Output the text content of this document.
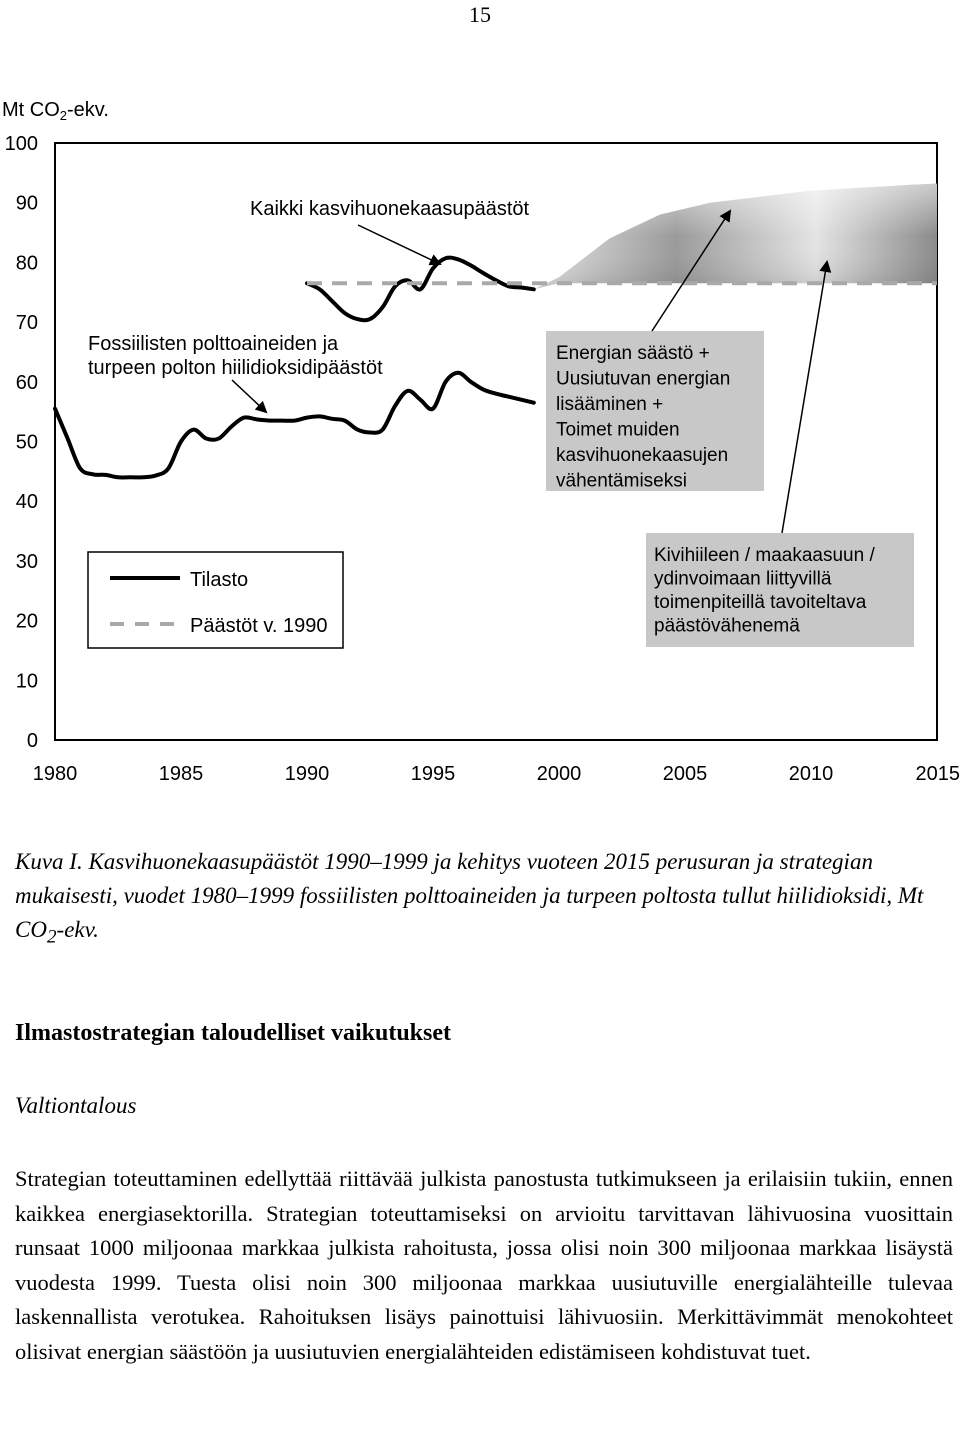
15
Mt $CO_2$-ekv.
0
10
20
30
40
50
60
70
80
90
100
1980	1985	1990	1995	2000	2005	2010	2015
Kaikki kasvihuonekaasupäästöt
Fossiilisten polttoaineiden ja
turpeen polton hiilidioksidipäästöt
Energian säästö +
Uusiutuvan energian
lisääminen +
Toimet muiden
kasvihuonekaasujen
vähentämiseksi
Kivihiileen / maakaasuun /
ydinvoimaan liittyvillä
toimenpiteillä tavoiteltava
päästövähenemä
Tilasto
Päästöt v. 1990
Kuva I. Kasvihuonekaasupäästöt 1990–1999 ja kehitys vuoteen 2015 perusuran ja strategian mukaisesti, vuodet 1980–1999 fossiilisten polttoaineiden ja turpeen poltosta tullut hiilidioksidi, Mt $CO_2$-ekv.
Ilmastostrategian taloudelliset vaikutukset
Valtiontalous
Strategian toteuttaminen edellyttää riittävää julkista panostusta tutkimukseen ja erilaisiin tukiin, ennen kaikkea energiasektorilla. Strategian toteuttamiseksi on arvioitu tarvittavan lähivuosina vuosittain runsaat 1000 miljoonaa markkaa julkista rahoitusta, jossa olisi noin 300 miljoonaa markkaa lisäystä vuodesta 1999. Tuesta olisi noin 300 miljoonaa markkaa uusiutuville energialähteille tulevaa laskennallista verotukea. Rahoituksen lisäys painottuisi lähivuosiin. Merkittävimmät menokohteet olisivat energian säästöön ja uusiutuvien energialähteiden edistämiseen kohdistuvat tuet.
